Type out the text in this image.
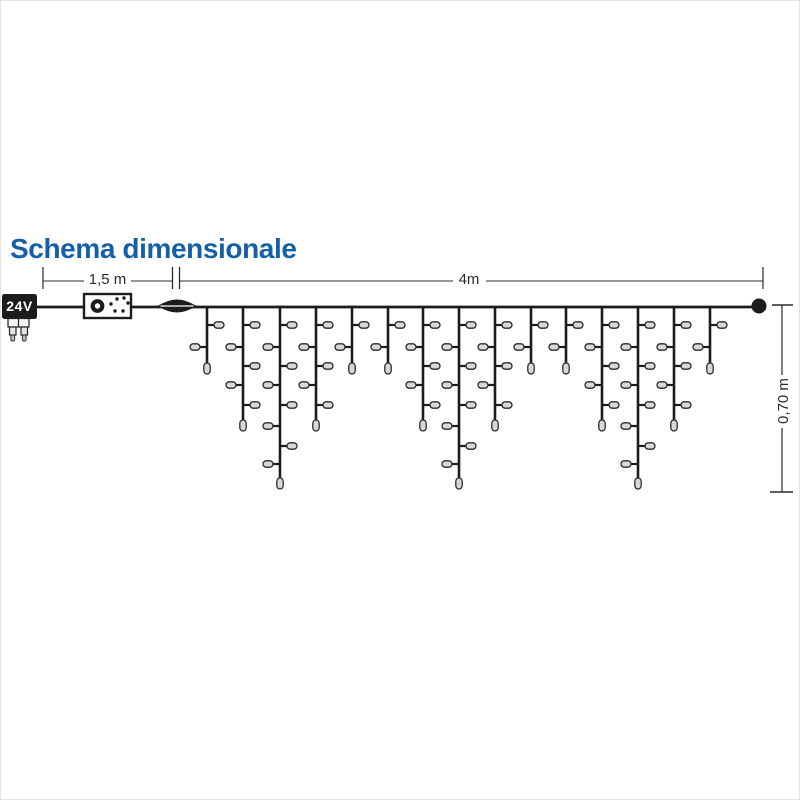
Schema dimensionale
1,5 m	4m
0,70 m
24V
